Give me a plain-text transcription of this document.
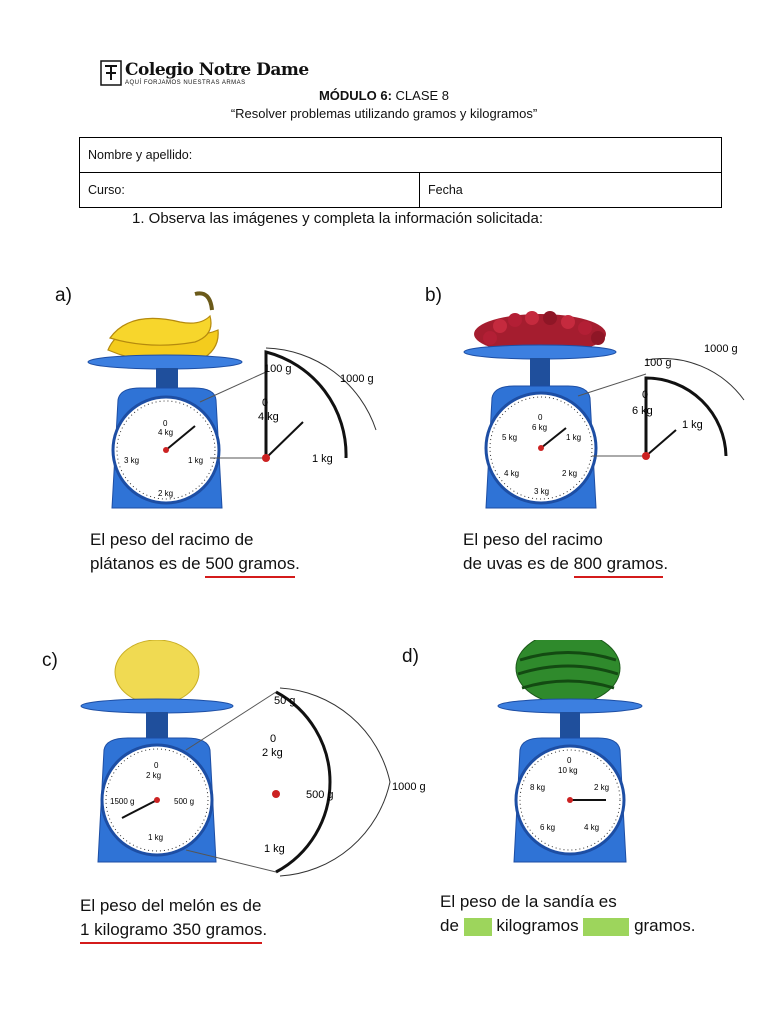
Colegio Notre Dame
AQUÍ FORJAMOS NUESTRAS ARMAS
MÓDULO 6: CLASE 8
“Resolver problemas utilizando gramos y kilogramos”
Nombre y apellido:
Curso:	Fecha
1. Observa las imágenes y completa la información solicitada:
a)
0
4 kg
3 kg	1 kg
2 kg
100 g
0
4 kg
1 kg
1000 g
El peso del racimo de
plátanos es de 500 gramos.
b)
0
6 kg
5 kg	1 kg
4 kg	2 kg
3 kg
100 g
0
6 kg
1 kg
1000 g
El peso del racimo
de uvas es de 800 gramos.
c)
0
2 kg
1500 g	500 g
1 kg
50 g
0
2 kg
500 g
1 kg
1000 g
El peso del melón es de
1 kilogramo 350 gramos.
d)
0
10 kg
8 kg	2 kg
6 kg	4 kg
El peso de la sandía es
de kilogramos	gramos.
